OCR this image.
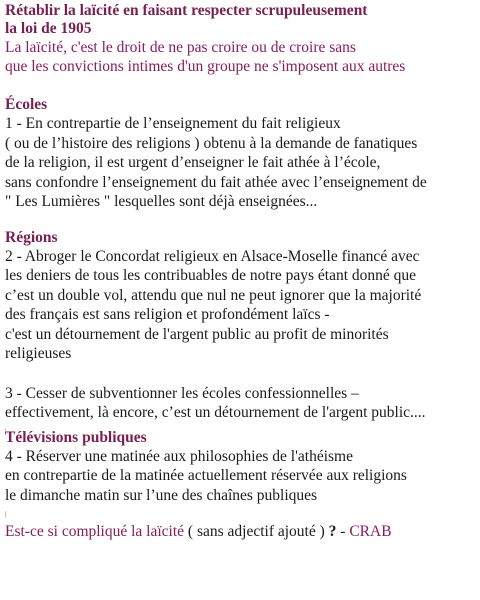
Rétablir la laïcité en faisant respecter scrupuleusement

la loi de 1905

La laïcité, c'est le droit de ne pas croire ou de croire sans

que les convictions intimes d'un groupe ne s'imposent aux autres

Écoles

1 - En contrepartie de l’enseignement du fait religieux

( ou de l’histoire des religions ) obtenu à la demande de fanatiques

de la religion, il est urgent d’enseigner le fait athée à l’école,

sans confondre l’enseignement du fait athée avec l’enseignement de

" Les Lumières " lesquelles sont déjà enseignées...

Régions

2 - Abroger le Concordat religieux en Alsace-Moselle financé avec

les deniers de tous les contribuables de notre pays étant donné que

c’est un double vol, attendu que nul ne peut ignorer que la majorité

des français est sans religion et profondément laïcs -

c'est un détournement de l'argent public au profit de minorités

religieuses

3 - Cesser de subventionner les écoles confessionnelles –

effectivement, là encore, c’est un détournement de l'argent public....

Télévisions publiques

4 - Réserver une matinée aux philosophies de l'athéisme

en contrepartie de la matinée actuellement réservée aux religions

le dimanche matin sur l’une des chaînes publiques

Est-ce si compliqué la laïcité ( sans adjectif ajouté ) ? - CRAB
